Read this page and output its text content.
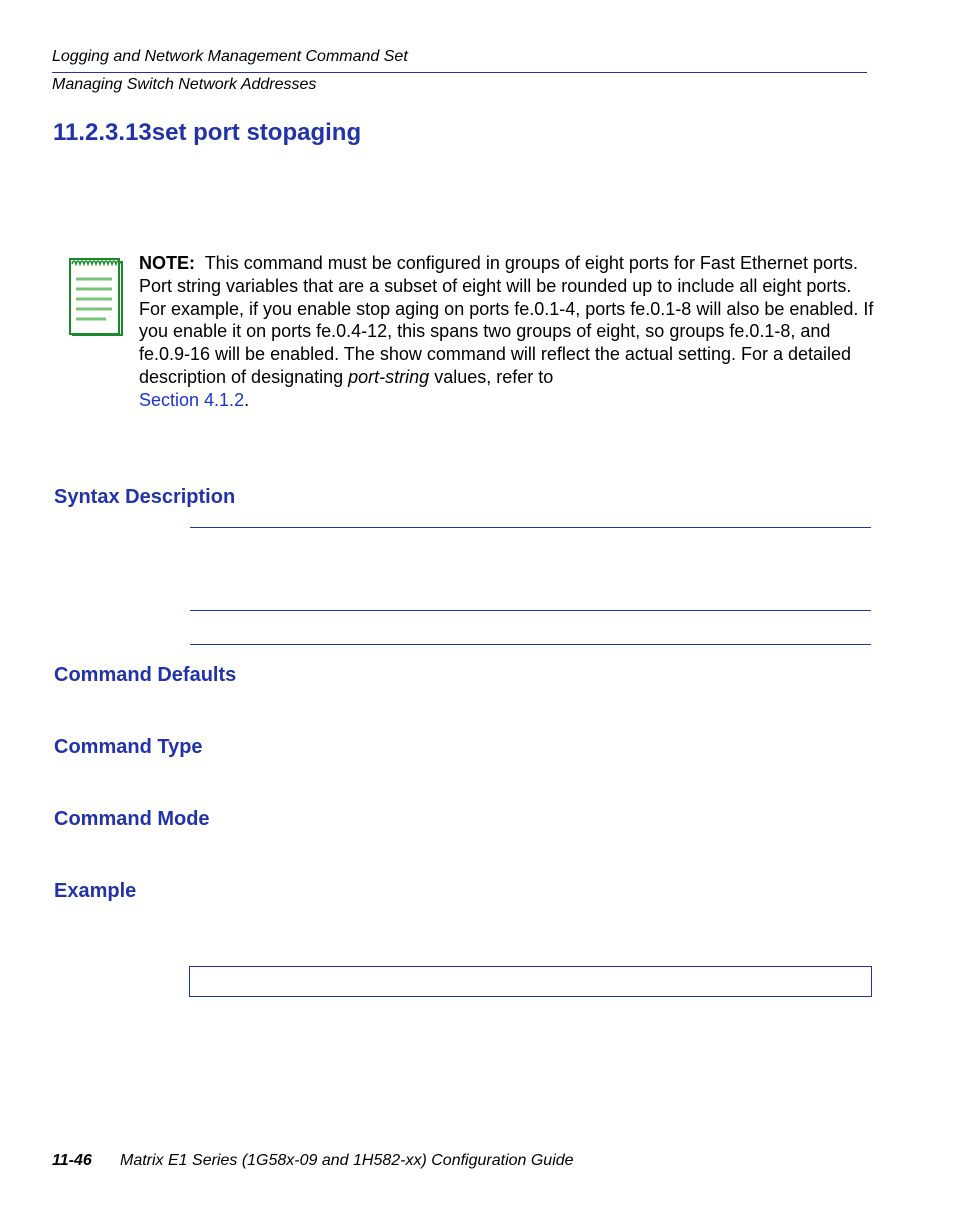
Logging and Network Management Command Set
Managing Switch Network Addresses
11.2.3.13set port stopaging
NOTE: This command must be configured in groups of eight ports for Fast Ethernet ports. Port string variables that are a subset of eight will be rounded up to include all eight ports. For example, if you enable stop aging on ports fe.0.1-4, ports fe.0.1-8 will also be enabled. If you enable it on ports fe.0.4-12, this spans two groups of eight, so groups fe.0.1-8, and fe.0.9-16 will be enabled. The show command will reflect the actual setting. For a detailed description of designating port-string values, refer to
Section 4.1.2.
Syntax Description
Command Defaults
Command Type
Command Mode
Example
11-46 Matrix E1 Series (1G58x-09 and 1H582-xx) Configuration Guide
